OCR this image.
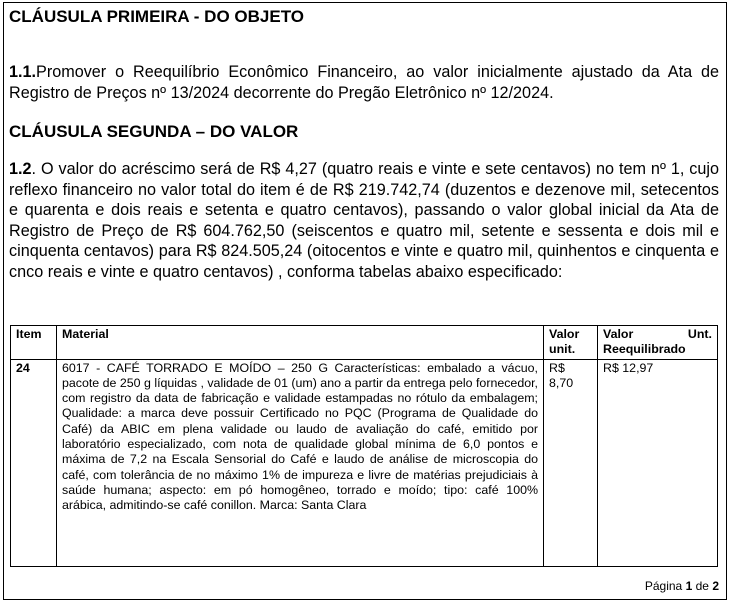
CLÁUSULA PRIMEIRA - DO OBJETO

1.1.Promover o Reequilíbrio Econômico Financeiro, ao valor inicialmente ajustado da Ata de Registro de Preços nº 13/2024 decorrente do Pregão Eletrônico nº 12/2024.

CLÁUSULA SEGUNDA – DO VALOR

1.2. O valor do acréscimo será de R$ 4,27 (quatro reais e vinte e sete centavos) no tem nº 1, cujo reflexo financeiro no valor total do item é de R$ 219.742,74 (duzentos e dezenove mil, setecentos e quarenta e dois reais e setenta e quatro centavos), passando o valor global inicial da Ata de Registro de Preço de R$ 604.762,50 (seiscentos e quatro mil, setente e sessenta e dois mil e cinquenta centavos) para R$ 824.505,24 (oitocentos e vinte e quatro mil, quinhentos e cinquenta e cnco reais e vinte e quatro centavos) , conforma tabelas abaixo especificado:

Item	Material	Valor unit.	Valor Unt.
Reequilibrado

24	6017 - CAFÉ TORRADO E MOÍDO – 250 G Características: embalado a vácuo, pacote de 250 g líquidas , validade de 01 (um) ano a partir da entrega pelo fornecedor, com registro da data de fabricação e validade estampadas no rótulo da embalagem; Qualidade: a marca deve possuir Certificado no PQC (Programa de Qualidade do Café) da ABIC em plena validade ou laudo de avaliação do café, emitido por laboratório especializado, com nota de qualidade global mínima de 6,0 pontos e máxima de 7,2 na Escala Sensorial do Café e laudo de análise de microscopia do café, com tolerância de no máximo 1% de impureza e livre de matérias prejudiciais à saúde humana; aspecto: em pó homogêneo, torrado e moído; tipo: café 100% arábica, admitindo-se café conillon. Marca: Santa Clara	R$ 8,70	R$ 12,97
Página 1 de 2
